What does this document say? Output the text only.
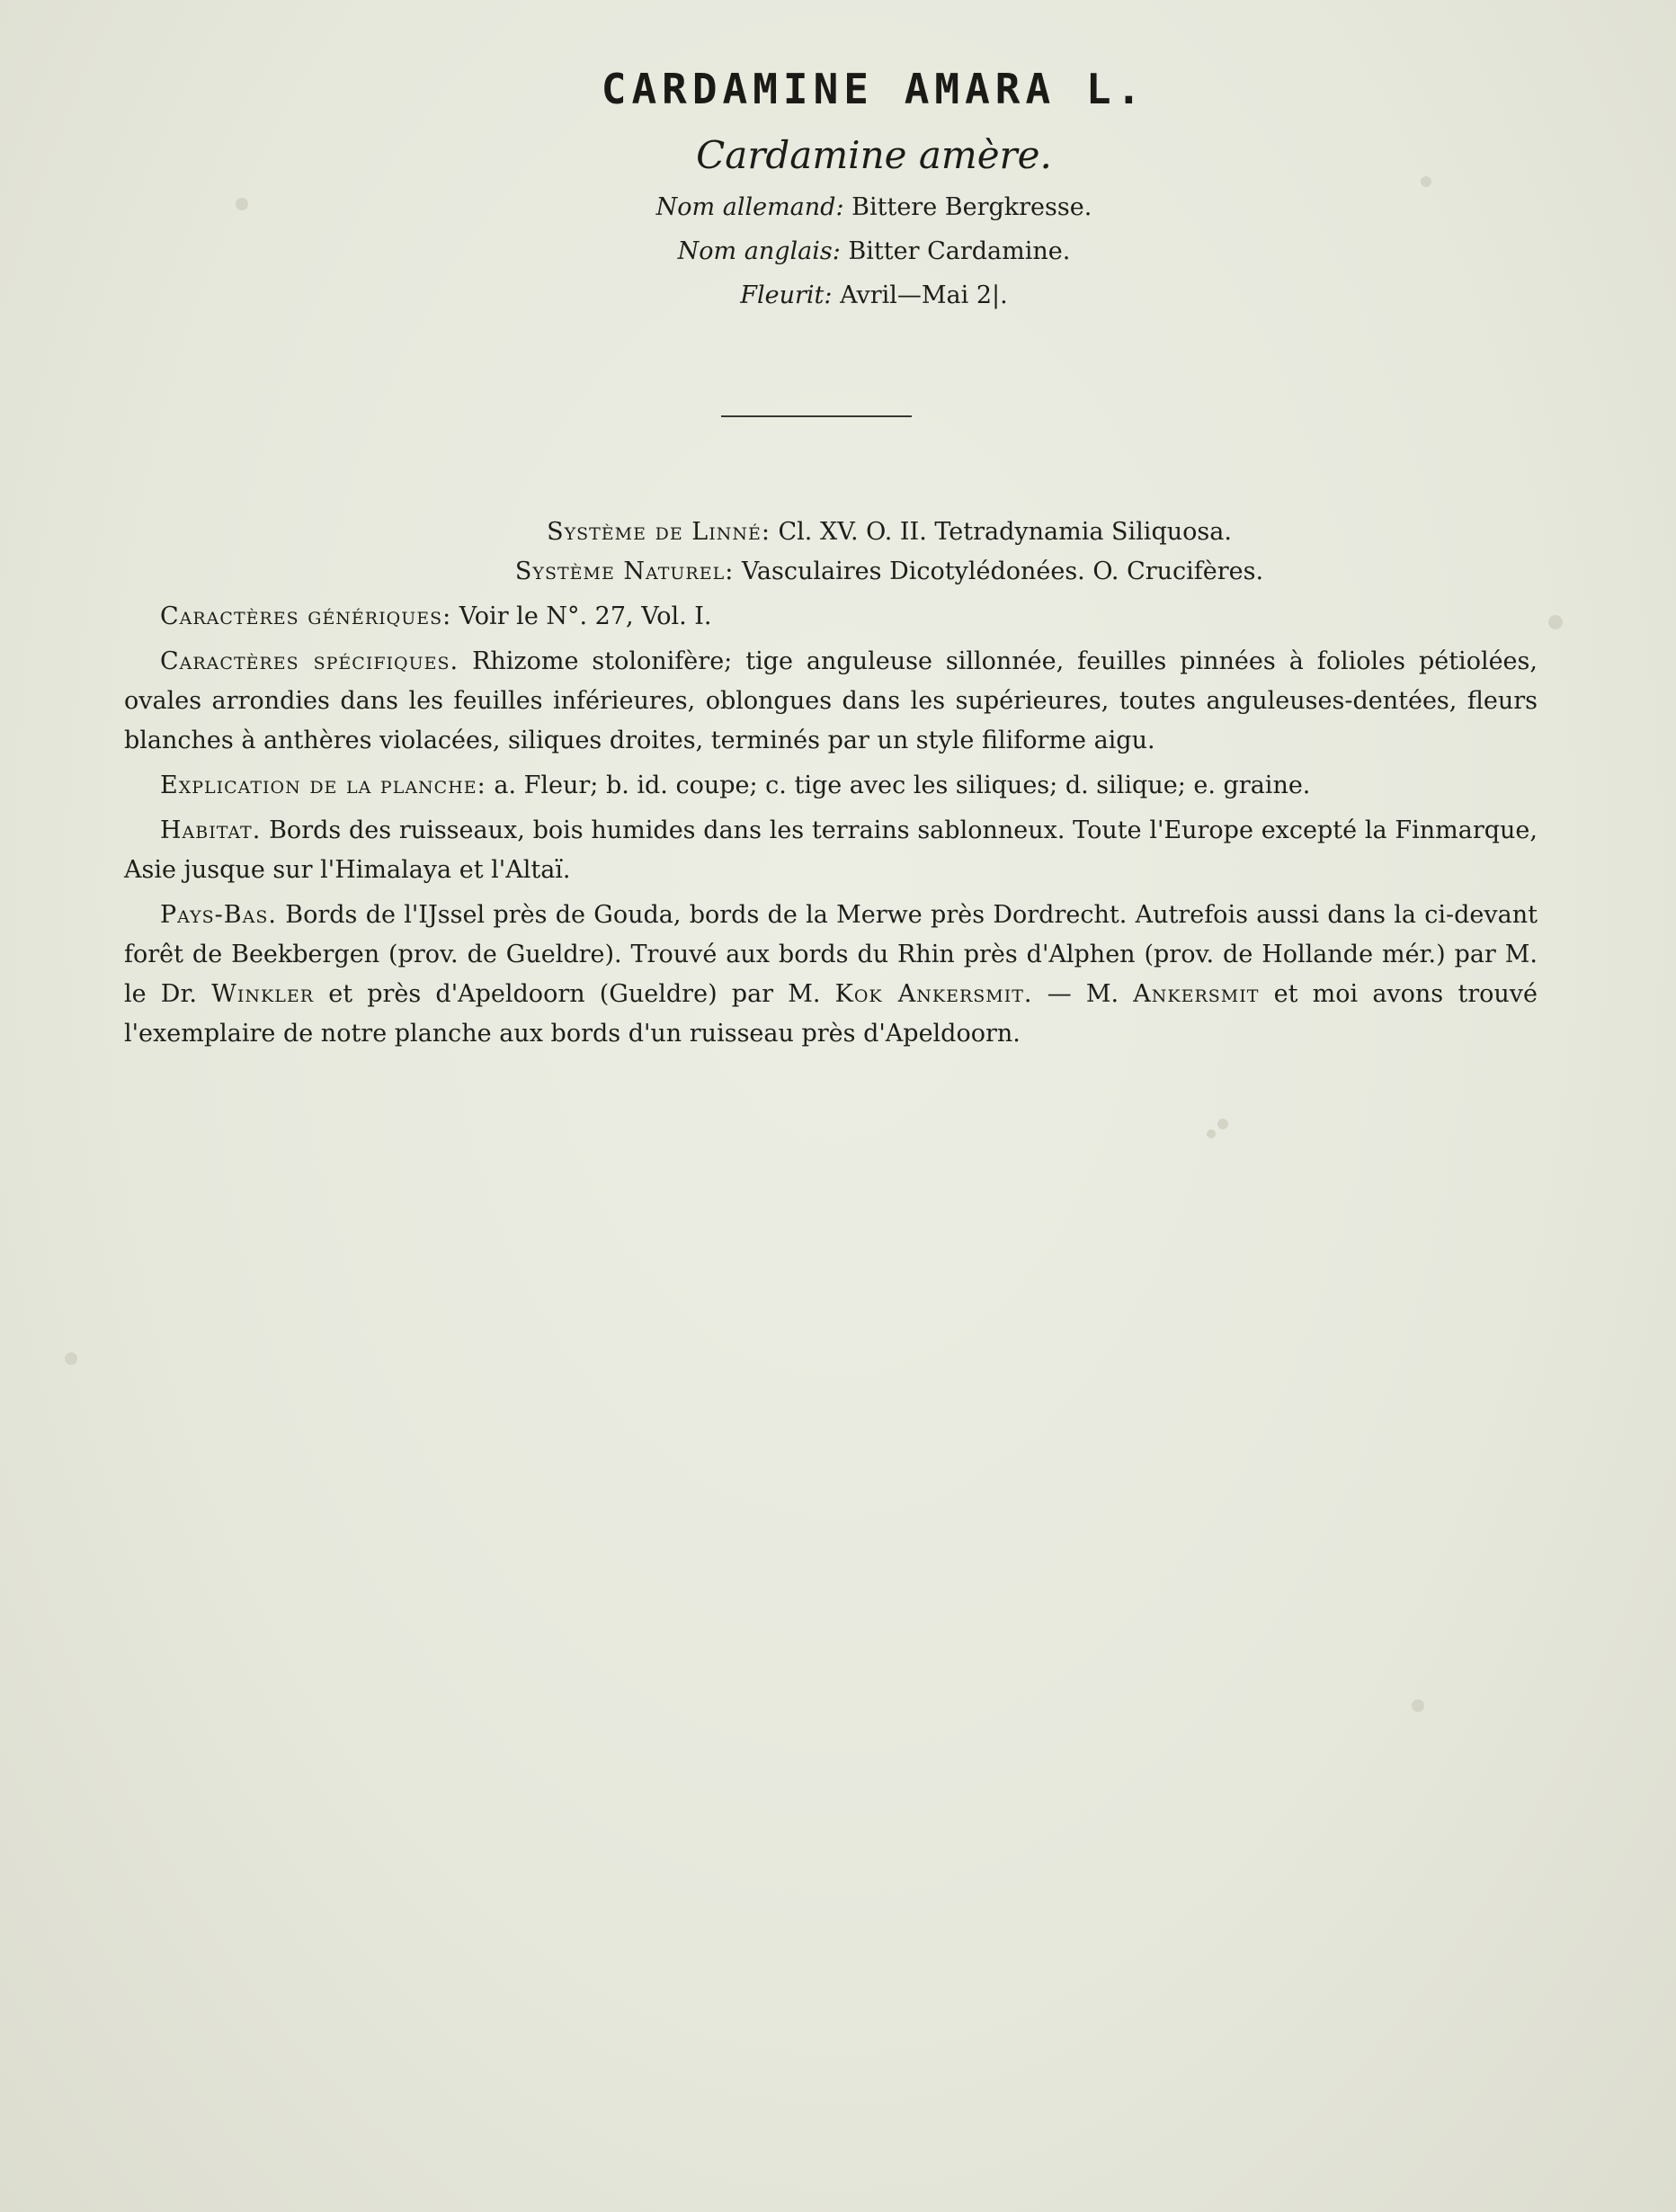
CARDAMINE AMARA L.
Cardamine amère.
Nom allemand: Bittere Bergkresse.
Nom anglais: Bitter Cardamine.
Fleurit: Avril—Mai 2|.
Système de Linné: Cl. XV. O. II. Tetradynamia Siliquosa.
Système Naturel: Vasculaires Dicotylédonées. O. Crucifères.
Caractères génériques: Voir le N°. 27, Vol. I.
Caractères spécifiques. Rhizome stolonifère; tige anguleuse sillonnée, feuilles pinnées à folioles pétiolées, ovales arrondies dans les feuilles inférieures, oblongues dans les supérieures, toutes anguleuses-dentées, fleurs blanches à anthères violacées, siliques droites, terminés par un style filiforme aigu.
Explication de la planche: a. Fleur; b. id. coupe; c. tige avec les siliques; d. silique; e. graine.
Habitat. Bords des ruisseaux, bois humides dans les terrains sablonneux. Toute l'Europe excepté la Finmarque, Asie jusque sur l'Himalaya et l'Altaï.
Pays-Bas. Bords de l'IJssel près de Gouda, bords de la Merwe près Dordrecht. Autrefois aussi dans la ci-devant forêt de Beekbergen (prov. de Gueldre). Trouvé aux bords du Rhin près d'Alphen (prov. de Hollande mér.) par M. le Dr. Winkler et près d'Apeldoorn (Gueldre) par M. Kok Ankersmit. — M. Ankersmit et moi avons trouvé l'exemplaire de notre planche aux bords d'un ruisseau près d'Apeldoorn.
